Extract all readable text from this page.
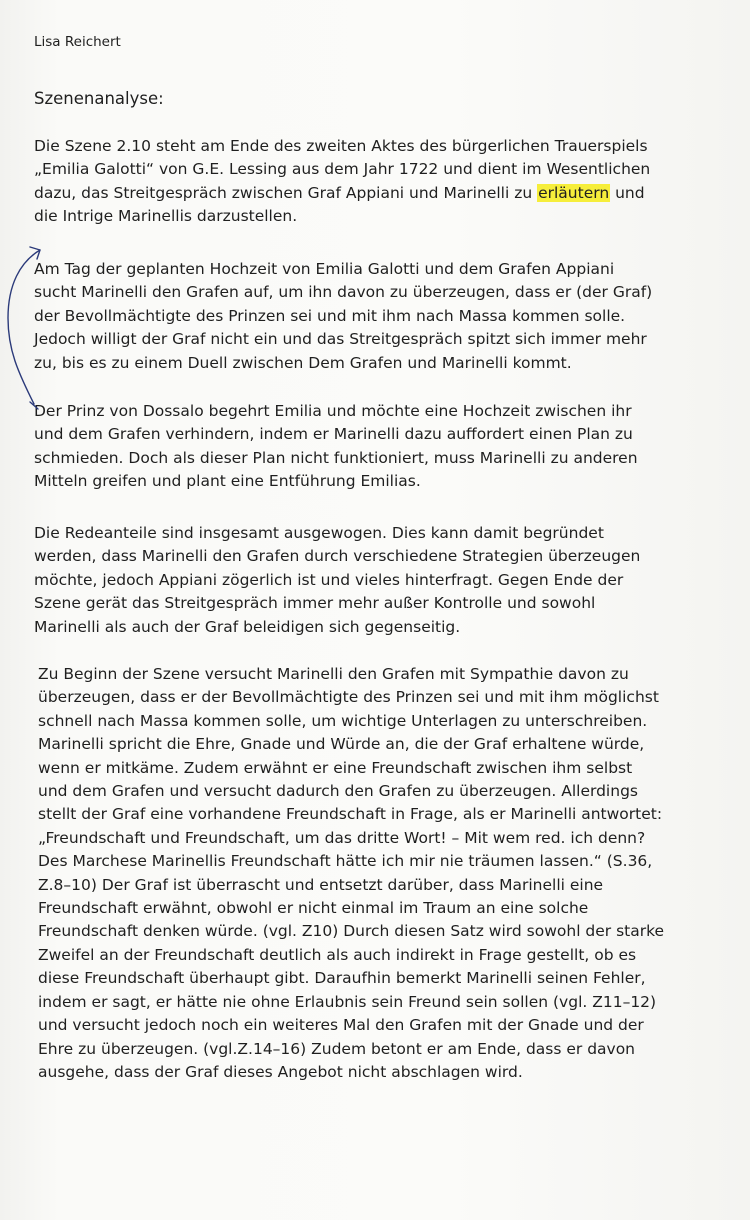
Lisa Reichert
Szenenanalyse:

Die Szene 2.10 steht am Ende des zweiten Aktes des bürgerlichen Trauerspiels
„Emilia Galotti“ von G.E. Lessing aus dem Jahr 1722 und dient im Wesentlichen
dazu, das Streitgespräch zwischen Graf Appiani und Marinelli zu erläutern und
die Intrige Marinellis darzustellen.

Am Tag der geplanten Hochzeit von Emilia Galotti und dem Grafen Appiani
sucht Marinelli den Grafen auf, um ihn davon zu überzeugen, dass er (der Graf)
der Bevollmächtigte des Prinzen sei und mit ihm nach Massa kommen solle.
Jedoch willigt der Graf nicht ein und das Streitgespräch spitzt sich immer mehr
zu, bis es zu einem Duell zwischen Dem Grafen und Marinelli kommt.

Der Prinz von Dossalo begehrt Emilia und möchte eine Hochzeit zwischen ihr
und dem Grafen verhindern, indem er Marinelli dazu auffordert einen Plan zu
schmieden. Doch als dieser Plan nicht funktioniert, muss Marinelli zu anderen
Mitteln greifen und plant eine Entführung Emilias.

Die Redeanteile sind insgesamt ausgewogen. Dies kann damit begründet
werden, dass Marinelli den Grafen durch verschiedene Strategien überzeugen
möchte, jedoch Appiani zögerlich ist und vieles hinterfragt. Gegen Ende der
Szene gerät das Streitgespräch immer mehr außer Kontrolle und sowohl
Marinelli als auch der Graf beleidigen sich gegenseitig.

Zu Beginn der Szene versucht Marinelli den Grafen mit Sympathie davon zu
überzeugen, dass er der Bevollmächtigte des Prinzen sei und mit ihm möglichst
schnell nach Massa kommen solle, um wichtige Unterlagen zu unterschreiben.
Marinelli spricht die Ehre, Gnade und Würde an, die der Graf erhaltene würde,
wenn er mitkäme. Zudem erwähnt er eine Freundschaft zwischen ihm selbst
und dem Grafen und versucht dadurch den Grafen zu überzeugen. Allerdings
stellt der Graf eine vorhandene Freundschaft in Frage, als er Marinelli antwortet:
„Freundschaft und Freundschaft, um das dritte Wort! – Mit wem red. ich denn?
Des Marchese Marinellis Freundschaft hätte ich mir nie träumen lassen.“ (S.36,
Z.8–10) Der Graf ist überrascht und entsetzt darüber, dass Marinelli eine
Freundschaft erwähnt, obwohl er nicht einmal im Traum an eine solche
Freundschaft denken würde. (vgl. Z10) Durch diesen Satz wird sowohl der starke
Zweifel an der Freundschaft deutlich als auch indirekt in Frage gestellt, ob es
diese Freundschaft überhaupt gibt. Daraufhin bemerkt Marinelli seinen Fehler,
indem er sagt, er hätte nie ohne Erlaubnis sein Freund sein sollen (vgl. Z11–12)
und versucht jedoch noch ein weiteres Mal den Grafen mit der Gnade und der
Ehre zu überzeugen. (vgl.Z.14–16) Zudem betont er am Ende, dass er davon
ausgehe, dass der Graf dieses Angebot nicht abschlagen wird.
